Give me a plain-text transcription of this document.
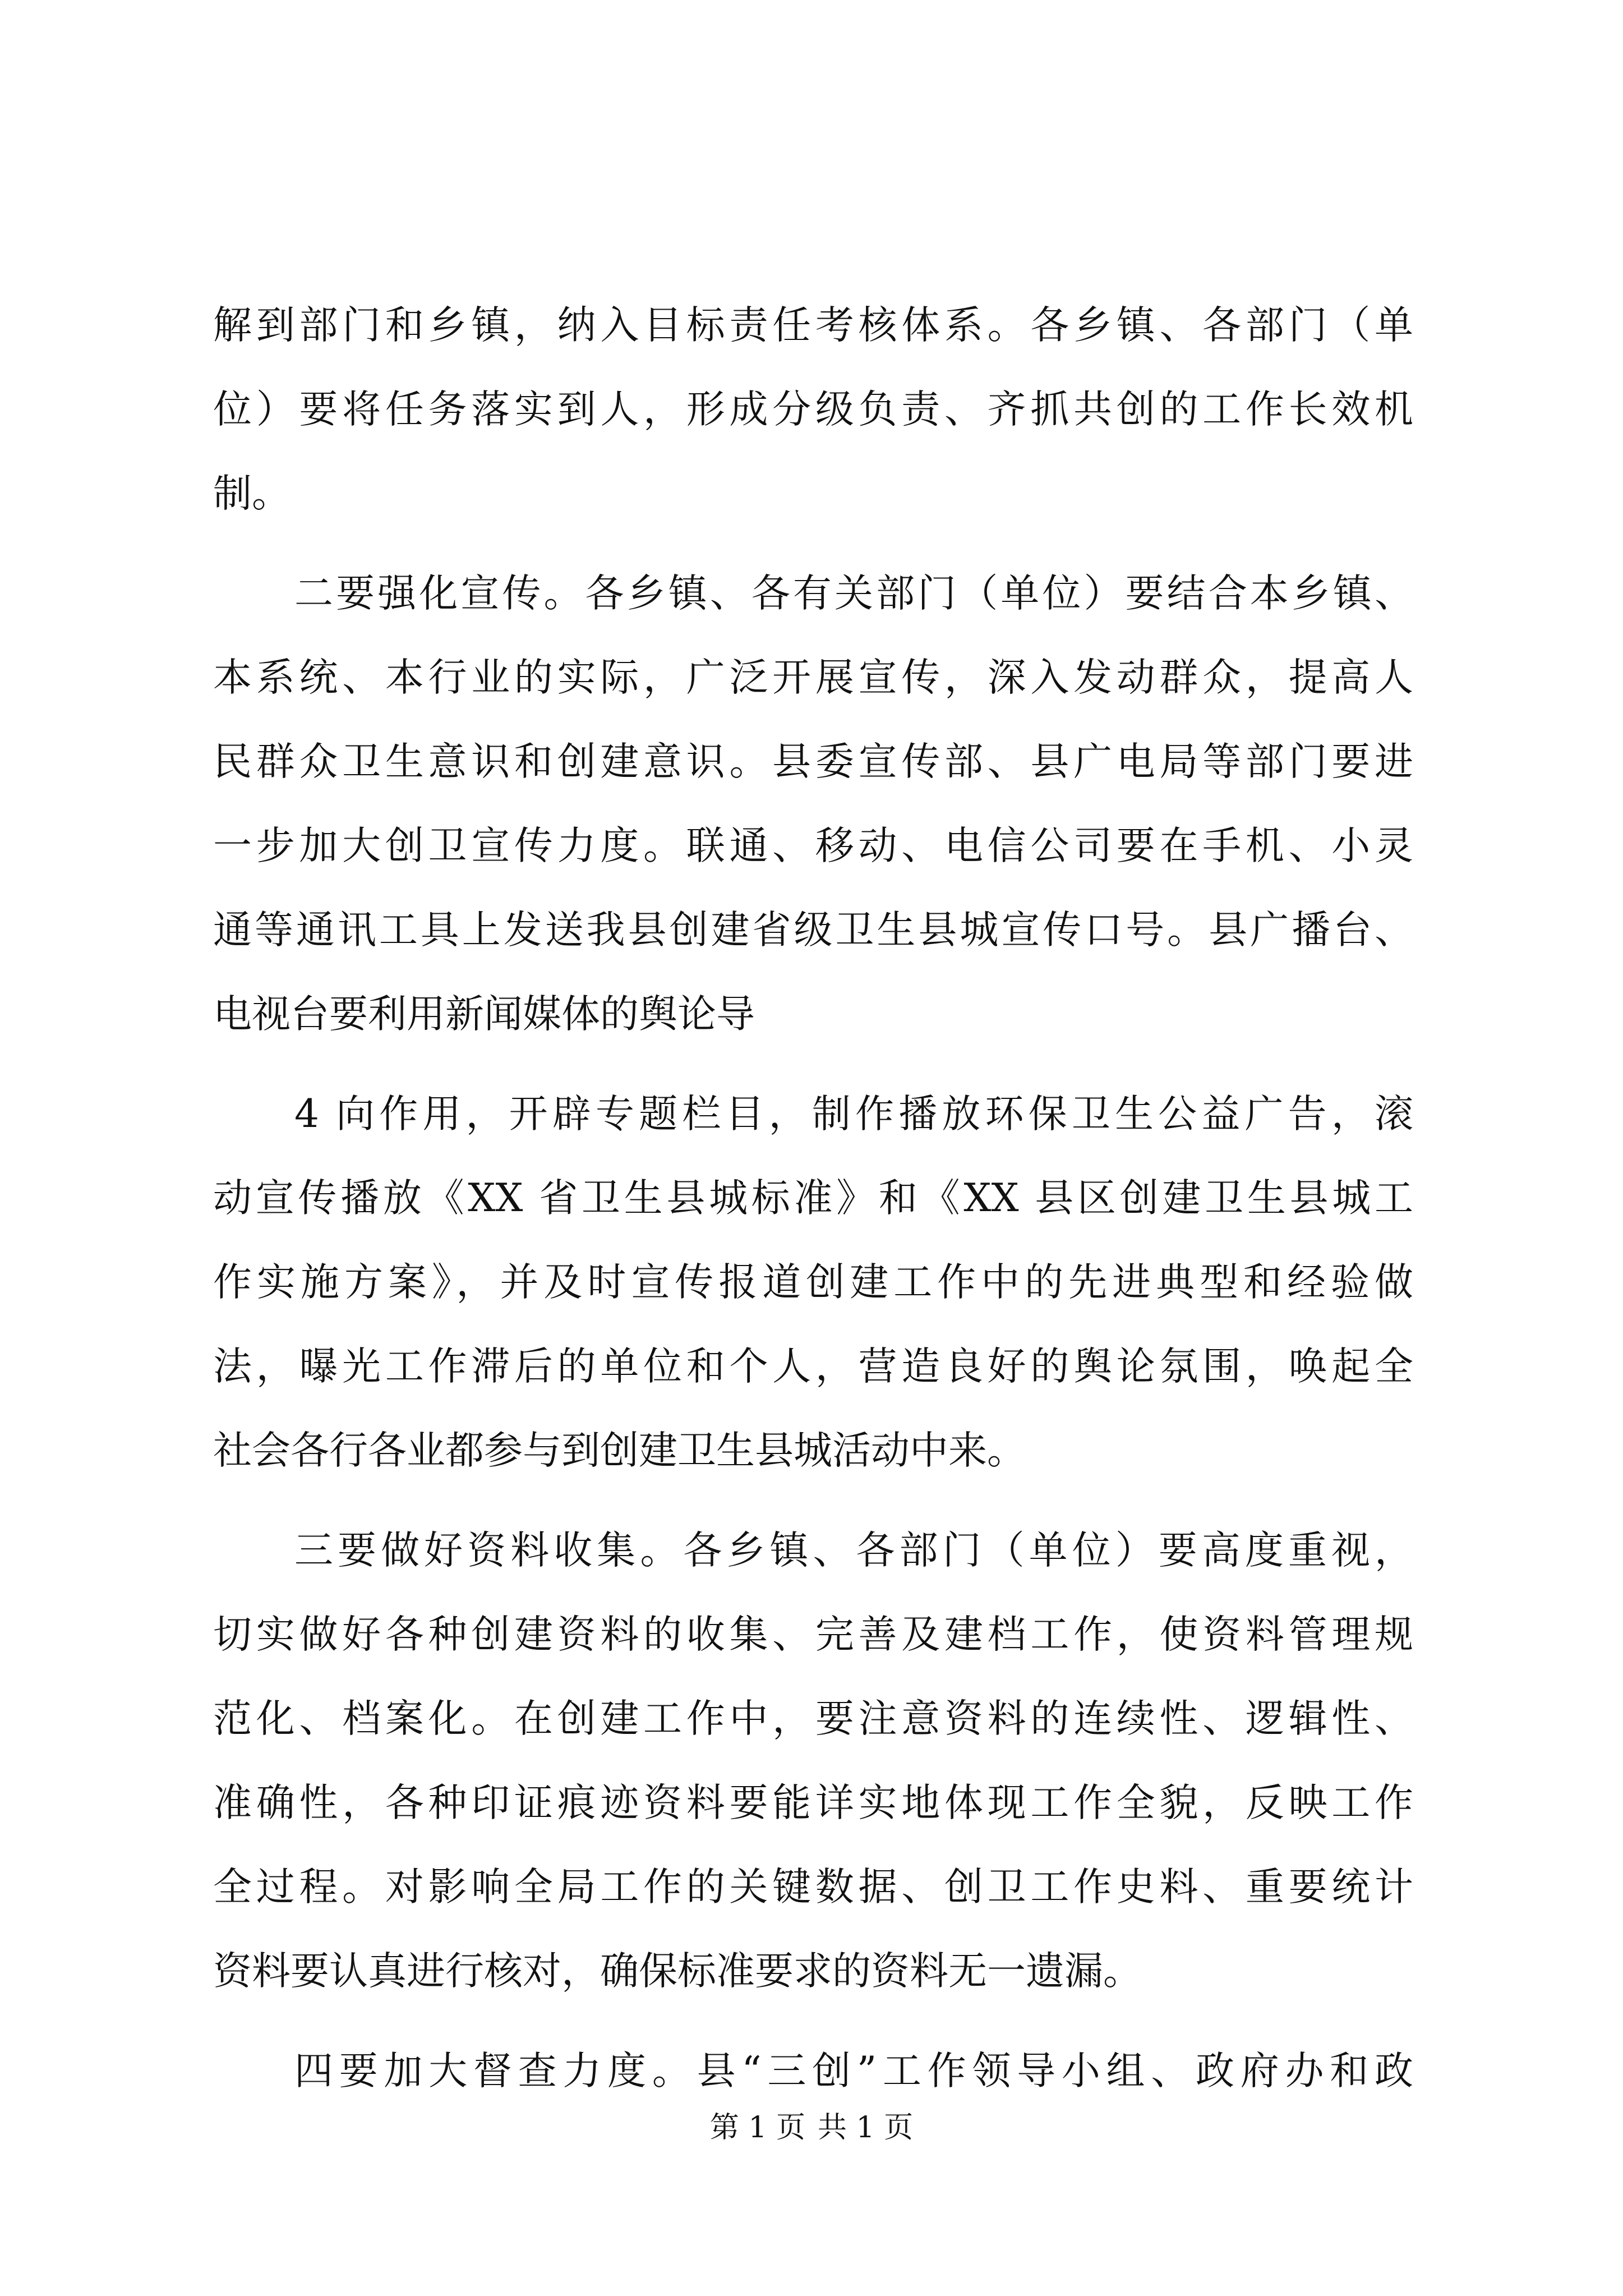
解到部门和乡镇，纳入目标责任考核体系。各乡镇、各部门（单
位）要将任务落实到人，形成分级负责、齐抓共创的工作长效机
制。
二要强化宣传。各乡镇、各有关部门（单位）要结合本乡镇、
本系统、本行业的实际，广泛开展宣传，深入发动群众，提高人
民群众卫生意识和创建意识。县委宣传部、县广电局等部门要进
一步加大创卫宣传力度。联通、移动、电信公司要在手机、小灵
通等通讯工具上发送我县创建省级卫生县城宣传口号。县广播台、
电视台要利用新闻媒体的舆论导
4 向作用，开辟专题栏目，制作播放环保卫生公益广告，滚
动宣传播放《XX 省卫生县城标准》和《XX 县区创建卫生县城工
作实施方案》，并及时宣传报道创建工作中的先进典型和经验做
法，曝光工作滞后的单位和个人，营造良好的舆论氛围，唤起全
社会各行各业都参与到创建卫生县城活动中来。
三要做好资料收集。各乡镇、各部门（单位）要高度重视，
切实做好各种创建资料的收集、完善及建档工作，使资料管理规
范化、档案化。在创建工作中，要注意资料的连续性、逻辑性、
准确性，各种印证痕迹资料要能详实地体现工作全貌，反映工作
全过程。对影响全局工作的关键数据、创卫工作史料、重要统计
资料要认真进行核对，确保标准要求的资料无一遗漏。
四要加大督查力度。县“三创”工作领导小组、政府办和政
第 1 页 共 1 页
